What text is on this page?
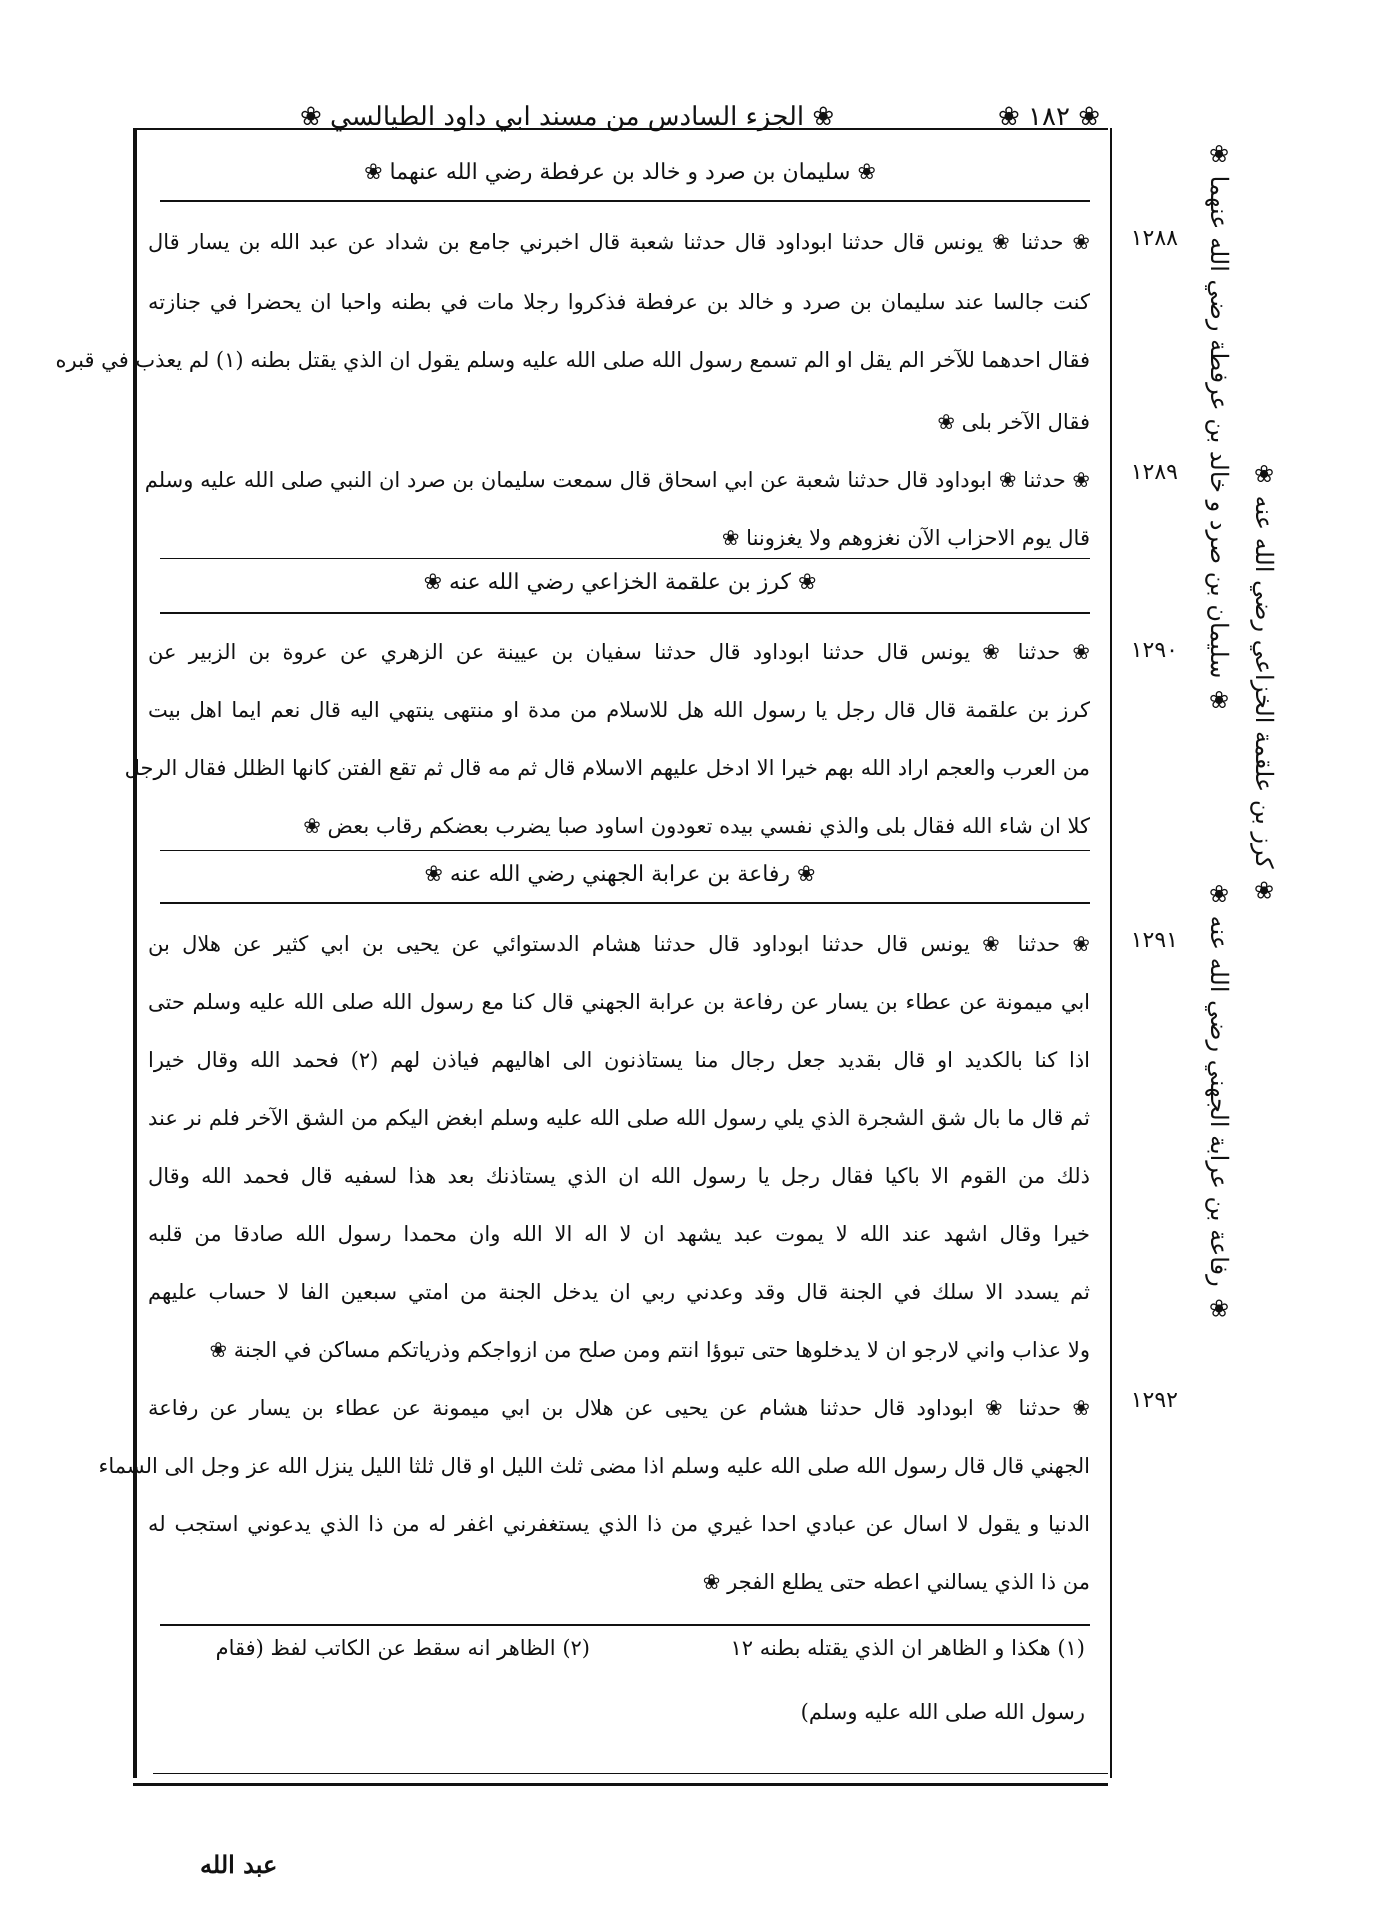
❀ ١٨٢ ❀
❀ الجزء السادس من مسند ابي داود الطيالسي ❀
❀ سليمان بن صرد و خالد بن عرفطة رضي الله عنهما ❀
❀ كرز بن علقمة الخزاعي رضي الله عنه ❀
❀ رفاعة بن عرابة الجهني رضي الله عنه ❀
❀ سليمان بن صرد و خالد بن عرفطة رضي الله عنهما ❀
١٢٨٨
❀ حدثنا ❀ يونس قال حدثنا ابوداود قال حدثنا شعبة قال اخبرني جامع بن شداد عن عبد الله بن يسار قال
كنت جالسا عند سليمان بن صرد و خالد بن عرفطة فذكروا رجلا مات في بطنه واحبا ان يحضرا في جنازته
فقال احدهما للآخر الم يقل او الم تسمع رسول الله صلى الله عليه وسلم يقول ان الذي يقتل بطنه (١) لم يعذب في قبره
فقال الآخر بلى ❀
١٢٨٩
❀ حدثنا ❀ ابوداود قال حدثنا شعبة عن ابي اسحاق قال سمعت سليمان بن صرد ان النبي صلى الله عليه وسلم
قال يوم الاحزاب الآن نغزوهم ولا يغزوننا ❀
❀ كرز بن علقمة الخزاعي رضي الله عنه ❀
١٢٩٠
❀ حدثنا ❀ يونس قال حدثنا ابوداود قال حدثنا سفيان بن عيينة عن الزهري عن عروة بن الزبير عن
كرز بن علقمة قال قال رجل يا رسول الله هل للاسلام من مدة او منتهى ينتهي اليه قال نعم ايما اهل بيت
من العرب والعجم اراد الله بهم خيرا الا ادخل عليهم الاسلام قال ثم مه قال ثم تقع الفتن كانها الظلل فقال الرجل
كلا ان شاء الله فقال بلى والذي نفسي بيده تعودون اساود صبا يضرب بعضكم رقاب بعض ❀
❀ رفاعة بن عرابة الجهني رضي الله عنه ❀
١٢٩١
❀ حدثنا ❀ يونس قال حدثنا ابوداود قال حدثنا هشام الدستوائي عن يحيى بن ابي كثير عن هلال بن
ابي ميمونة عن عطاء بن يسار عن رفاعة بن عرابة الجهني قال كنا مع رسول الله صلى الله عليه وسلم حتى
اذا كنا بالكديد او قال بقديد جعل رجال منا يستاذنون الى اهاليهم فياذن لهم (٢) فحمد الله وقال خيرا
ثم قال ما بال شق الشجرة الذي يلي رسول الله صلى الله عليه وسلم ابغض اليكم من الشق الآخر فلم نر عند
ذلك من القوم الا باكيا فقال رجل يا رسول الله ان الذي يستاذنك بعد هذا لسفيه قال فحمد الله وقال
خيرا وقال اشهد عند الله لا يموت عبد يشهد ان لا اله الا الله وان محمدا رسول الله صادقا من قلبه
ثم يسدد الا سلك في الجنة قال وقد وعدني ربي ان يدخل الجنة من امتي سبعين الفا لا حساب عليهم
ولا عذاب واني لارجو ان لا يدخلوها حتى تبوؤا انتم ومن صلح من ازواجكم وذرياتكم مساكن في الجنة ❀
١٢٩٢
❀ حدثنا ❀ ابوداود قال حدثنا هشام عن يحيى عن هلال بن ابي ميمونة عن عطاء بن يسار عن رفاعة
الجهني قال قال رسول الله صلى الله عليه وسلم اذا مضى ثلث الليل او قال ثلثا الليل ينزل الله عز وجل الى السماء
الدنيا و يقول لا اسال عن عبادي احدا غيري من ذا الذي يستغفرني اغفر له من ذا الذي يدعوني استجب له
من ذا الذي يسالني اعطه حتى يطلع الفجر ❀
(١) هكذا و الظاهر ان الذي يقتله بطنه ١٢
(٢) الظاهر انه سقط عن الكاتب لفظ (فقام
رسول الله صلى الله عليه وسلم)
عبد الله
